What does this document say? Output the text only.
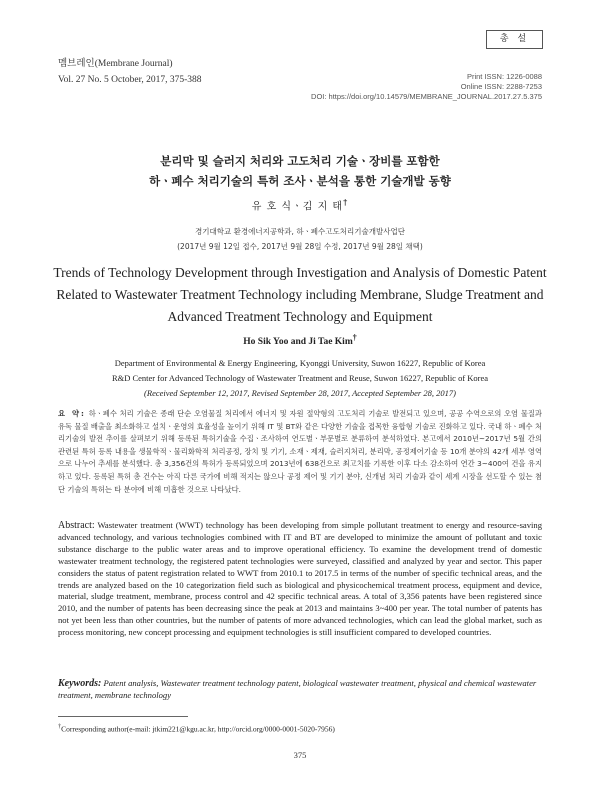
멤브레인(Membrane Journal)
Vol. 27 No. 5 October, 2017, 375-388
총 설
Print ISSN: 1226-0088
Online ISSN: 2288-7253
DOI: https://doi.org/10.14579/MEMBRANE_JOURNAL.2017.27.5.375
분리막 및 슬러지 처리와 고도처리 기술ㆍ장비를 포함한
하ㆍ폐수 처리기술의 특허 조사ㆍ분석을 통한 기술개발 동향
유 호 식ㆍ김 지 태†
경기대학교 환경에너지공학과, 하ㆍ폐수고도처리기술개발사업단
(2017년 9월 12일 접수, 2017년 9월 28일 수정, 2017년 9월 28일 채택)
Trends of Technology Development through Investigation and Analysis of Domestic Patent
Related to Wastewater Treatment Technology including Membrane, Sludge Treatment and
Advanced Treatment Technology and Equipment
Ho Sik Yoo and Ji Tae Kim†
Department of Environmental & Energy Engineering, Kyonggi University, Suwon 16227, Republic of Korea
R&D Center for Advanced Technology of Wastewater Treatment and Reuse, Suwon 16227, Republic of Korea
(Received September 12, 2017, Revised September 28, 2017, Accepted September 28, 2017)
요 약: 하ㆍ폐수 처리 기술은 종래 단순 오염물질 처리에서 에너지 및 자원 절약형의 고도처리 기술로 발전되고 있으며, 공공 수역으로의 오염 물질과 유독 물질 배출을 최소화하고 설치ㆍ운영의 효율성을 높이기 위해 IT 및 BT와 같은 다양한 기술을 접목한 융합형 기술로 진화하고 있다. 국내 하ㆍ폐수 처리기술의 발전 추이를 살펴보기 위해 등록된 특허기술을 수집ㆍ조사하여 연도별ㆍ부문별로 분류하여 분석하였다. 본고에서 2010년~2017년 5월 간의 관련된 특허 등록 내용을 생물학적ㆍ물리화학적 처리공정, 장치 및 기기, 소재ㆍ제재, 슬러지처리, 분리막, 공정제어기술 등 10개 분야의 42개 세부 영역으로 나누어 추세를 분석했다. 총 3,356건의 특허가 등록되었으며 2013년에 638건으로 최고치를 기록한 이후 다소 감소하여 연간 3~400여 건을 유지하고 있다. 등록된 특허 총 건수는 아직 다른 국가에 비해 적지는 않으나 공정 제어 및 기기 분야, 신개념 처리 기술과 같이 세계 시장을 선도할 수 있는 첨단 기술의 특허는 타 분야에 비해 미흡한 것으로 나타났다.
Abstract: Wastewater treatment (WWT) technology has been developing from simple pollutant treatment to energy and resource-saving advanced technology, and various technologies combined with IT and BT are developed to minimize the amount of pollutant and toxic substance discharge to the public water areas and to improve operational efficiency. To examine the development trend of domestic wastewater treatment technology, the registered patent technologies were surveyed, classified and analyzed by year and sector. This paper considers the status of patent registration related to WWT from 2010.1 to 2017.5 in terms of the number of specific technical areas, and the trends are analyzed based on the 10 categorization field such as biological and physicochemical treatment process, equipment and device, material, sludge treatment, membrane, process control and 42 specific technical areas. A total of 3,356 patents have been registered since 2010, and the number of patents has been decreasing since the peak at 2013 and maintains 3~400 per year. The total number of patents has not yet been less than other countries, but the number of patents of more advanced technologies, which can lead the global market, such as process monitoring, new concept processing and equipment technologies is still insufficient compared to developed countries.
Keywords: Patent analysis, Wastewater treatment technology patent, biological wastewater treatment, physical and chemical wastewater treatment, membrane technology
†Corresponding author(e-mail: jtkim221@kgu.ac.kr, http://orcid.org/0000-0001-5020-7956)
375
